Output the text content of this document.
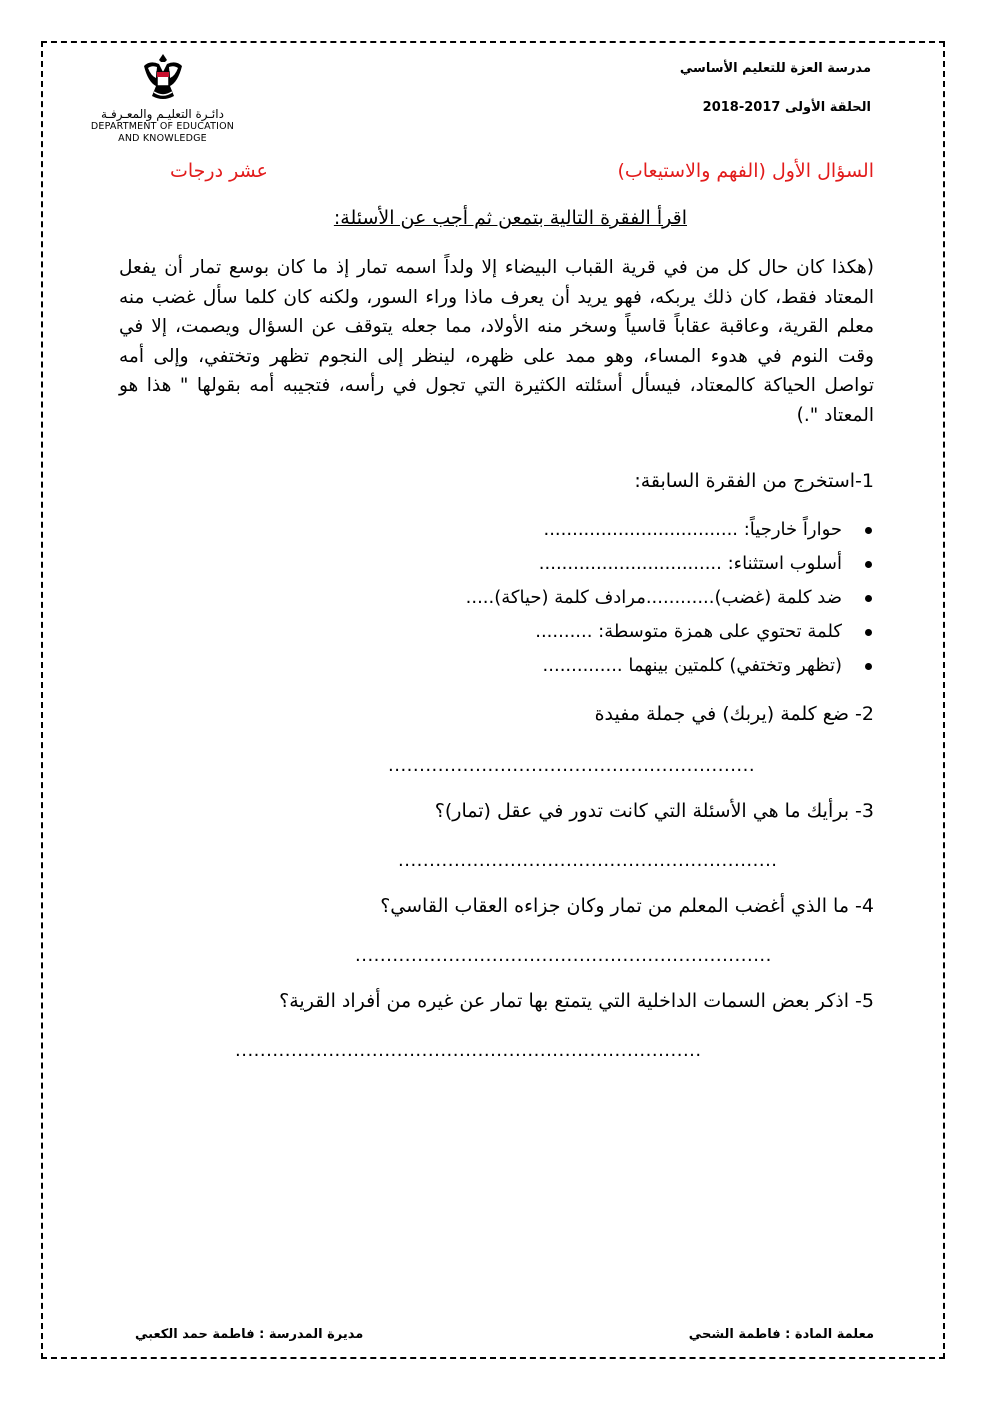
مدرسة العزة للتعليم الأساسي
الحلقة الأولى 2017-2018
دائـرة التعليـم والمعـرفـة
DEPARTMENT OF EDUCATION
AND KNOWLEDGE
السؤال الأول (الفهم والاستيعاب)
عشر درجات
اقرأ الفقرة التالية بتمعن ثم أجب عن الأسئلة:
(هكذا كان حال كل من في قرية القباب البيضاء إلا ولداً اسمه تمار إذ ما كان بوسع تمار أن يفعل المعتاد فقط، كان ذلك يربكه، فهو يريد أن يعرف ماذا وراء السور، ولكنه كان كلما سأل غضب منه معلم القرية، وعاقبة عقاباً قاسياً وسخر منه الأولاد، مما جعله يتوقف عن السؤال ويصمت، إلا في وقت النوم في هدوء المساء، وهو ممد على ظهره، لينظر إلى النجوم تظهر وتختفي، وإلى أمه تواصل الحياكة كالمعتاد، فيسأل أسئلته الكثيرة التي تجول في رأسه، فتجيبه أمه بقولها " هذا هو المعتاد ".)
1-استخرج من الفقرة السابقة:
حواراً خارجياً: ..................................
أسلوب استثناء: ................................
ضد كلمة (غضب)............مرادف كلمة (حياكة).....
كلمة تحتوي على همزة متوسطة: ..........
(تظهر وتختفي) كلمتين بينهما ..............
2- ضع كلمة (يربك) في جملة مفيدة
...........................................................
3- برأيك ما هي الأسئلة التي كانت تدور في عقل (تمار)؟
.............................................................
4- ما الذي أغضب المعلم من تمار وكان جزاءه العقاب القاسي؟
...................................................................
5- اذكر بعض السمات الداخلية التي يتمتع بها تمار عن غيره من أفراد القرية؟
...........................................................................
معلمة المادة : فاطمة الشحي
مديرة المدرسة : فاطمة حمد الكعبي
